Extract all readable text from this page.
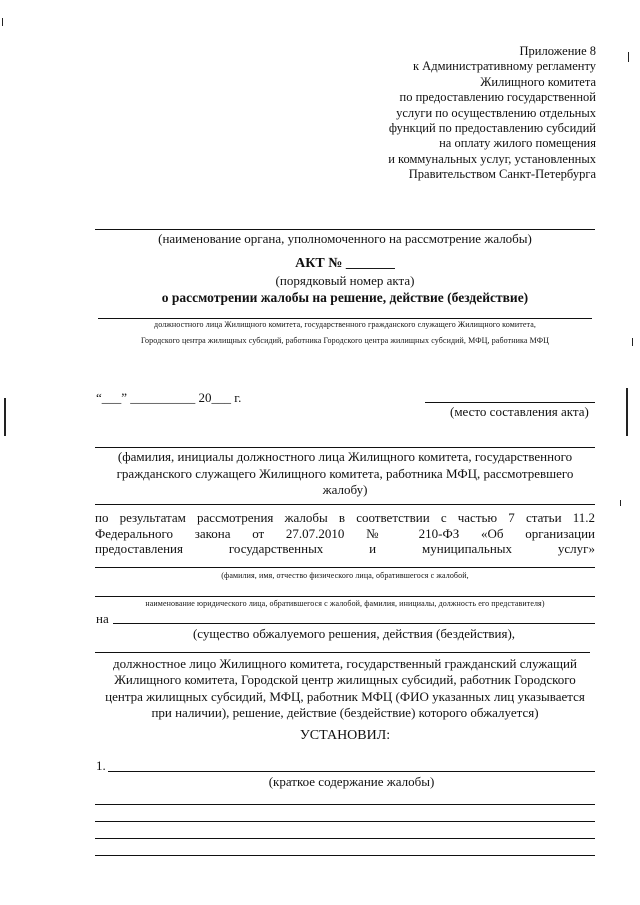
Приложение 8
к Административному регламенту
Жилищного комитета
по предоставлению государственной
услуги по осуществлению отдельных
функций по предоставлению субсидий
на оплату жилого помещения
и коммунальных услуг, установленных
Правительством Санкт-Петербурга
(наименование органа, уполномоченного на рассмотрение жалобы)
АКТ № _______
(порядковый номер акта)
о рассмотрении жалобы на решение, действие (бездействие)
должностного лица Жилищного комитета, государственного гражданского служащего Жилищного комитета,
Городского центра жилищных субсидий, работника Городского центра жилищных субсидий, МФЦ, работника МФЦ
“___” __________ 20___ г.
(место составления акта)
(фамилия, инициалы должностного лица Жилищного комитета, государственного
гражданского служащего Жилищного комитета, работника МФЦ, рассмотревшего
жалобу)
по результатам рассмотрения жалобы в соответствии с частью 7 статьи 11.2
Федерального закона от 27.07.2010 № 210-ФЗ «Об организации
предоставления государственных и муниципальных услуг»
(фамилия, имя, отчество физического лица, обратившегося с жалобой,
наименование юридического лица, обратившегося с жалобой, фамилия, инициалы, должность его представителя)
на
(существо обжалуемого решения, действия (бездействия),
должностное лицо Жилищного комитета, государственный гражданский служащий
Жилищного комитета, Городской центр жилищных субсидий, работник Городского
центра жилищных субсидий, МФЦ, работник МФЦ (ФИО указанных лиц указывается
при наличии), решение, действие (бездействие) которого обжалуется)
УСТАНОВИЛ:
1.
(краткое содержание жалобы)
